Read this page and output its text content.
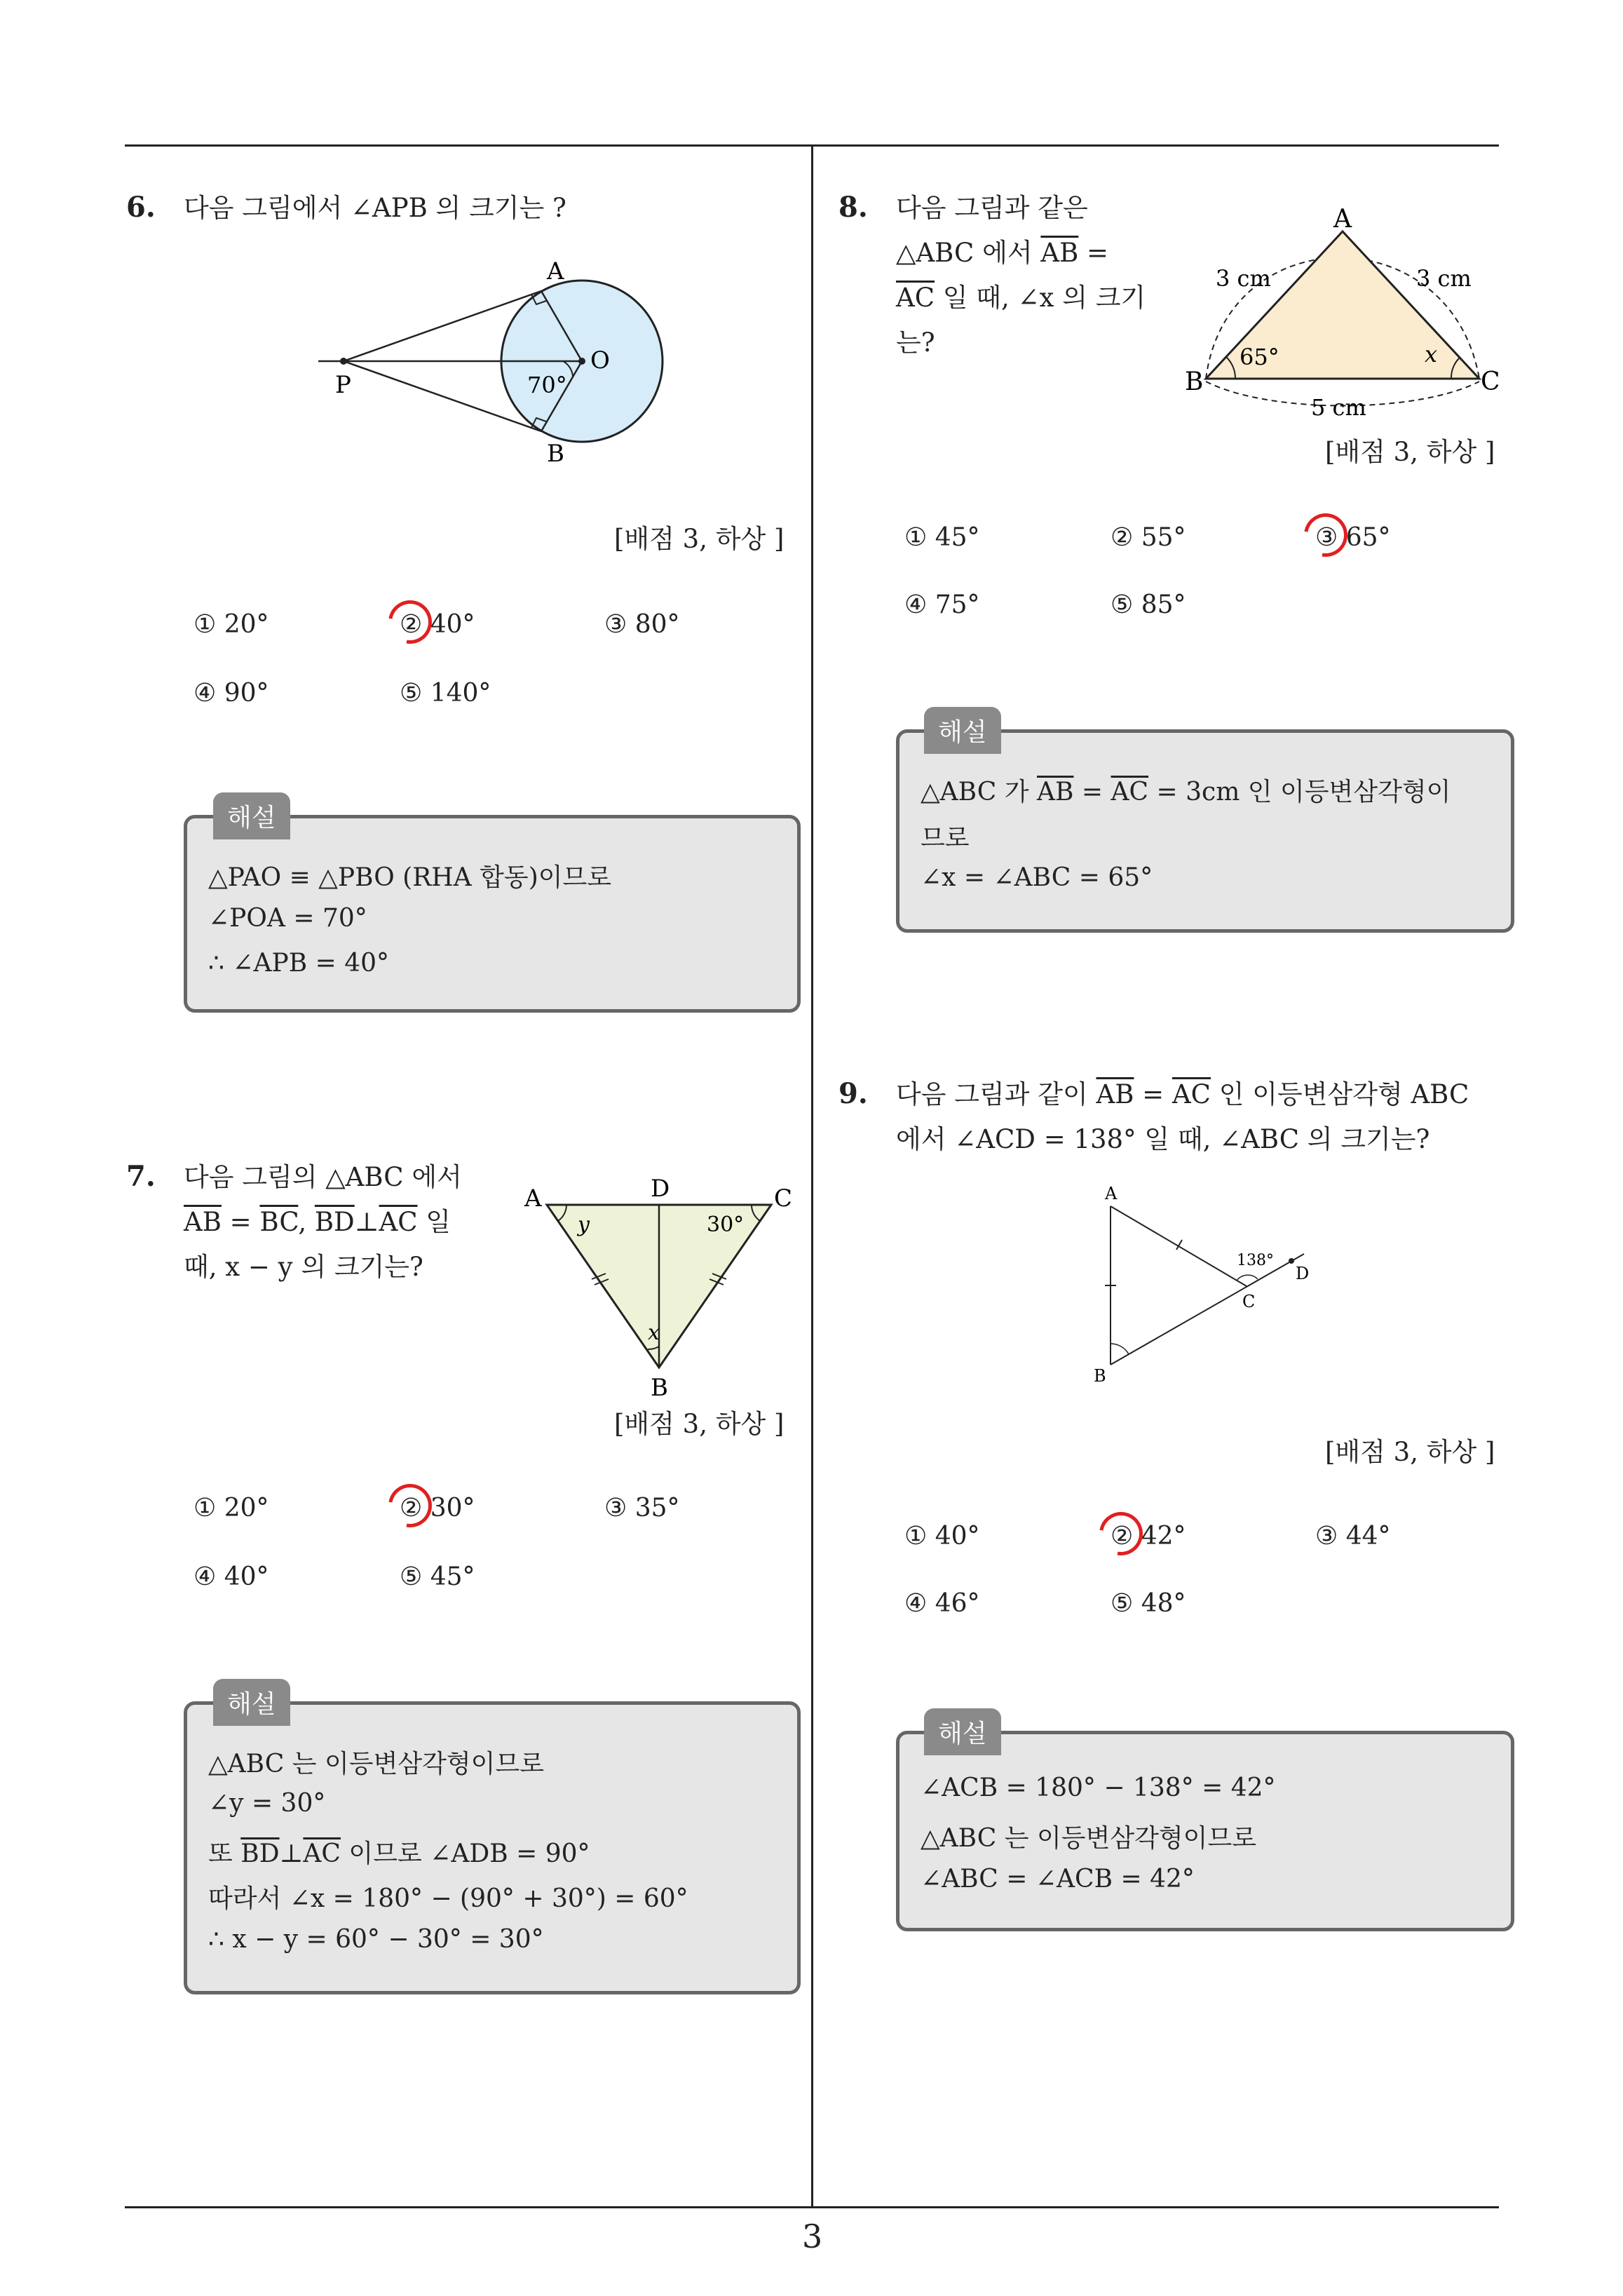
3
6. 다음 그림에서 ∠APB 의 크기는 ?
A
B
O
P	70°
[배점 3, 하상 ]
① 20°	② 40°	③ 80°
④ 90°	⑤ 140°
△PAO ≡ △PBO (RHA 합동)이므로
∠POA = 70°
∴ ∠APB = 40°
해설
7. 다음 그림의 △ABC 에서
$\overline{AB} = \overline{BC}$, $\overline{BD}\perp\overline{AC}$ 일
때, x − y 의 크기는?
A	C
D
B
y	30°
x
[배점 3, 하상 ]
① 20°	② 30°	③ 35°
④ 40°	⑤ 45°
△ABC 는 이등변삼각형이므로
∠y = 30°
또 $\overline{BD}\perp\overline{AC}$ 이므로 ∠ADB = 90°
따라서 ∠x = 180° − (90° + 30°) = 60°
∴ x − y = 60° − 30° = 30°
해설
8. 다음 그림과 같은
△ABC 에서 $\overline{AB}$ =
$\overline{AC}$ 일 때, ∠x 의 크기
는?
A
B	C
3 cm	3 cm
65°	x
5 cm
[배점 3, 하상 ]
① 45°	② 55°	③ 65°
④ 75°	⑤ 85°
△ABC 가 $\overline{AB} = \overline{AC} = 3cm$ 인 이등변삼각형이
므로
∠x = ∠ABC = 65°
해설
9. 다음 그림과 같이 $\overline{AB} = \overline{AC}$ 인 이등변삼각형 ABC
에서 ∠ACD = 138° 일 때, ∠ABC 의 크기는?
A
B
C
D
138°
[배점 3, 하상 ]
① 40°	② 42°	③ 44°
④ 46°	⑤ 48°
∠ACB = 180° − 138° = 42°
△ABC 는 이등변삼각형이므로
∠ABC = ∠ACB = 42°
해설
